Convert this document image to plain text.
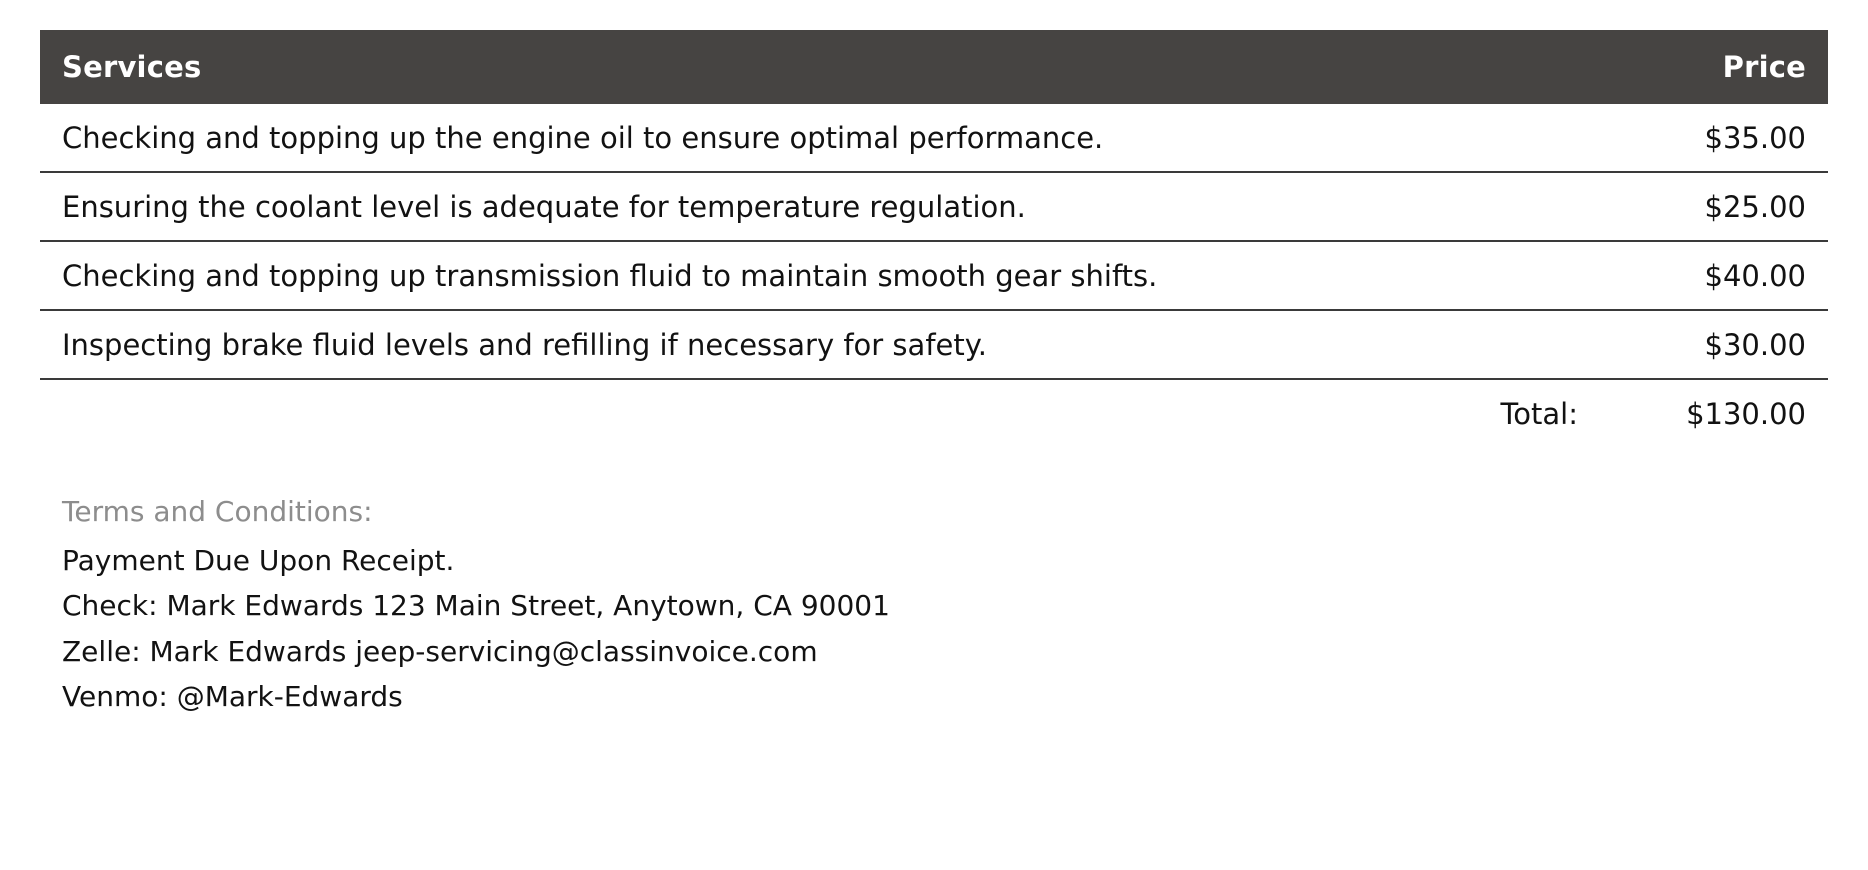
Services	Price
Checking and topping up the engine oil to ensure optimal performance.	$35.00
Ensuring the coolant level is adequate for temperature regulation.	$25.00
Checking and topping up transmission fluid to maintain smooth gear shifts.	$40.00
Inspecting brake fluid levels and refilling if necessary for safety.	$30.00
Total:	$130.00
Terms and Conditions:
Payment Due Upon Receipt.
Check: Mark Edwards 123 Main Street, Anytown, CA 90001
Zelle: Mark Edwards jeep-servicing@classinvoice.com
Venmo: @Mark-Edwards
